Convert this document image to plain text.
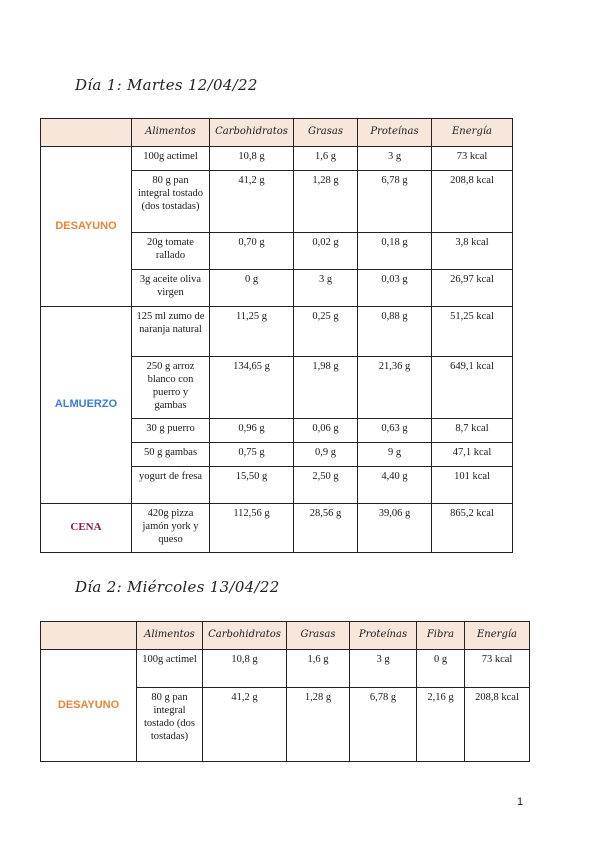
Día 1: Martes 12/04/22
	Alimentos	Carbohidratos	Grasas	Proteínas	Energía
DESAYUNO	100g actimel	10,8 g	1,6 g	3 g	73 kcal
	80 g pan integral tostado (dos tostadas)	41,2 g	1,28 g	6,78 g	208,8 kcal
	20g tomate rallado	0,70 g	0,02 g	0,18 g	3,8 kcal
	3g aceite oliva virgen	0 g	3 g	0,03 g	26,97 kcal
ALMUERZO	125 ml zumo de naranja natural	11,25 g	0,25 g	0,88 g	51,25 kcal
	250 g arroz blanco con puerro y gambas	134,65 g	1,98 g	21,36 g	649,1 kcal
	30 g puerro	0,96 g	0,06 g	0,63 g	8,7 kcal
	50 g gambas	0,75 g	0,9 g	9 g	47,1 kcal
	yogurt de fresa	15,50 g	2,50 g	4,40 g	101 kcal
CENA	420g pizza jamón york y queso	112,56 g	28,56 g	39,06 g	865,2 kcal
Día 2: Miércoles 13/04/22
	Alimentos	Carbohidratos	Grasas	Proteínas	Fibra	Energía
DESAYUNO	100g actimel	10,8 g	1,6 g	3 g	0 g	73 kcal
	80 g pan integral tostado (dos tostadas)	41,2 g	1,28 g	6,78 g	2,16 g	208,8 kcal
1
